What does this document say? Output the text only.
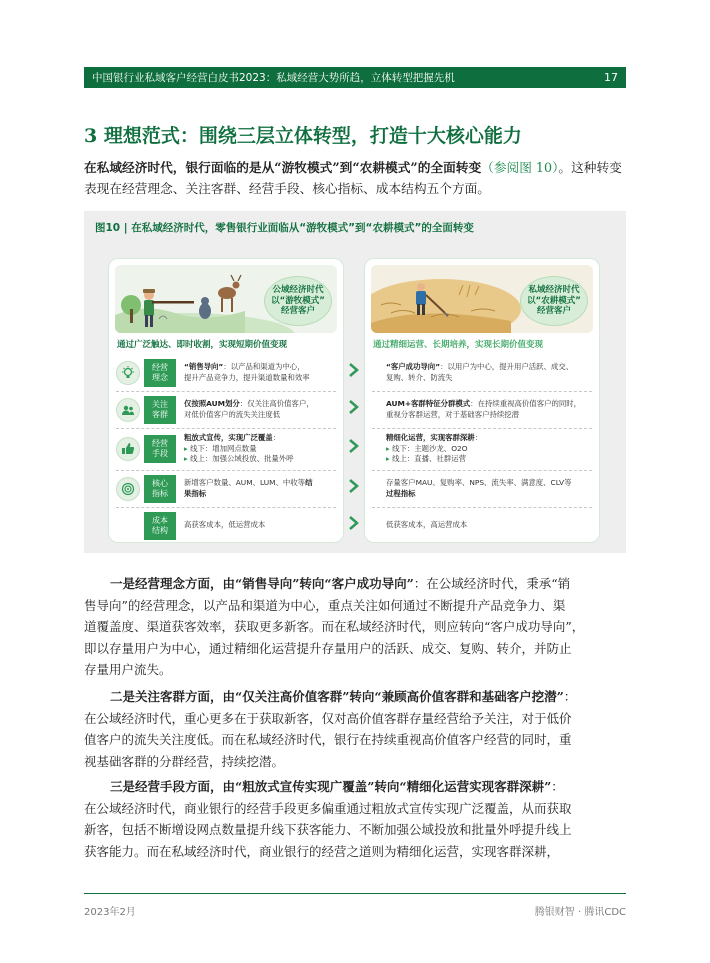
中国银行业私域客户经营白皮书2023：私域经营大势所趋，立体转型把握先机	17
3 理想范式：围绕三层立体转型，打造十大核心能力
在私域经济时代，银行面临的是从“游牧模式”到“农耕模式”的全面转变（参阅图 10）。这种转变表现在经营理念、关注客群、经营手段、核心指标、成本结构五个方面。
图10 | 在私域经济时代，零售银行业面临从“游牧模式”到“农耕模式”的全面转变
公域经济时代
以“游牧模式”
经营客户
通过广泛触达、即时收割，实现短期价值变现
经营
理念
“销售导向”：以产品和渠道为中心，
提升产品竞争力，提升渠道数量和效率
关注
客群
仅按照AUM划分：仅关注高价值客户，
对低价值客户的流失关注度低
经营
手段
粗放式宣传，实现广泛覆盖：
▸ 线下：增加网点数量
▸ 线上：加强公域投放、批量外呼
核心
指标
新增客户数量、AUM、LUM、中收等结
果指标
成本
结构
高获客成本，低运营成本
私域经济时代
以“农耕模式”
经营客户
通过精细运营、长期培养，实现长期价值变现
“客户成功导向”：以用户为中心，提升用户活跃、成交、
复购、转介、防流失
AUM+客群特征分群模式：在持续重视高价值客户的同时，
重视分客群运营，对于基础客户持续挖潜
精细化运营，实现客群深耕：
▸ 线下：主题沙龙、O2O
▸ 线上：直播、社群运营
存量客户MAU、复购率、NPS、流失率、满意度、CLV等
过程指标
低获客成本，高运营成本
一是经营理念方面，由“销售导向”转向“客户成功导向”：在公域经济时代，秉承“销
售导向”的经营理念，以产品和渠道为中心，重点关注如何通过不断提升产品竞争力、渠
道覆盖度、渠道获客效率，获取更多新客。而在私域经济时代，则应转向“客户成功导向”，
即以存量用户为中心，通过精细化运营提升存量用户的活跃、成交、复购、转介，并防止
存量用户流失。
二是关注客群方面，由“仅关注高价值客群”转向“兼顾高价值客群和基础客户挖潜”：
在公域经济时代，重心更多在于获取新客，仅对高价值客群存量经营给予关注，对于低价
值客户的流失关注度低。而在私域经济时代，银行在持续重视高价值客户经营的同时，重
视基础客群的分群经营，持续挖潜。
三是经营手段方面，由“粗放式宣传实现广覆盖”转向“精细化运营实现客群深耕”：
在公域经济时代，商业银行的经营手段更多偏重通过粗放式宣传实现广泛覆盖，从而获取
新客，包括不断增设网点数量提升线下获客能力、不断加强公域投放和批量外呼提升线上
获客能力。而在私域经济时代，商业银行的经营之道则为精细化运营，实现客群深耕，
2023年2月	腾银财智 · 腾讯CDC
